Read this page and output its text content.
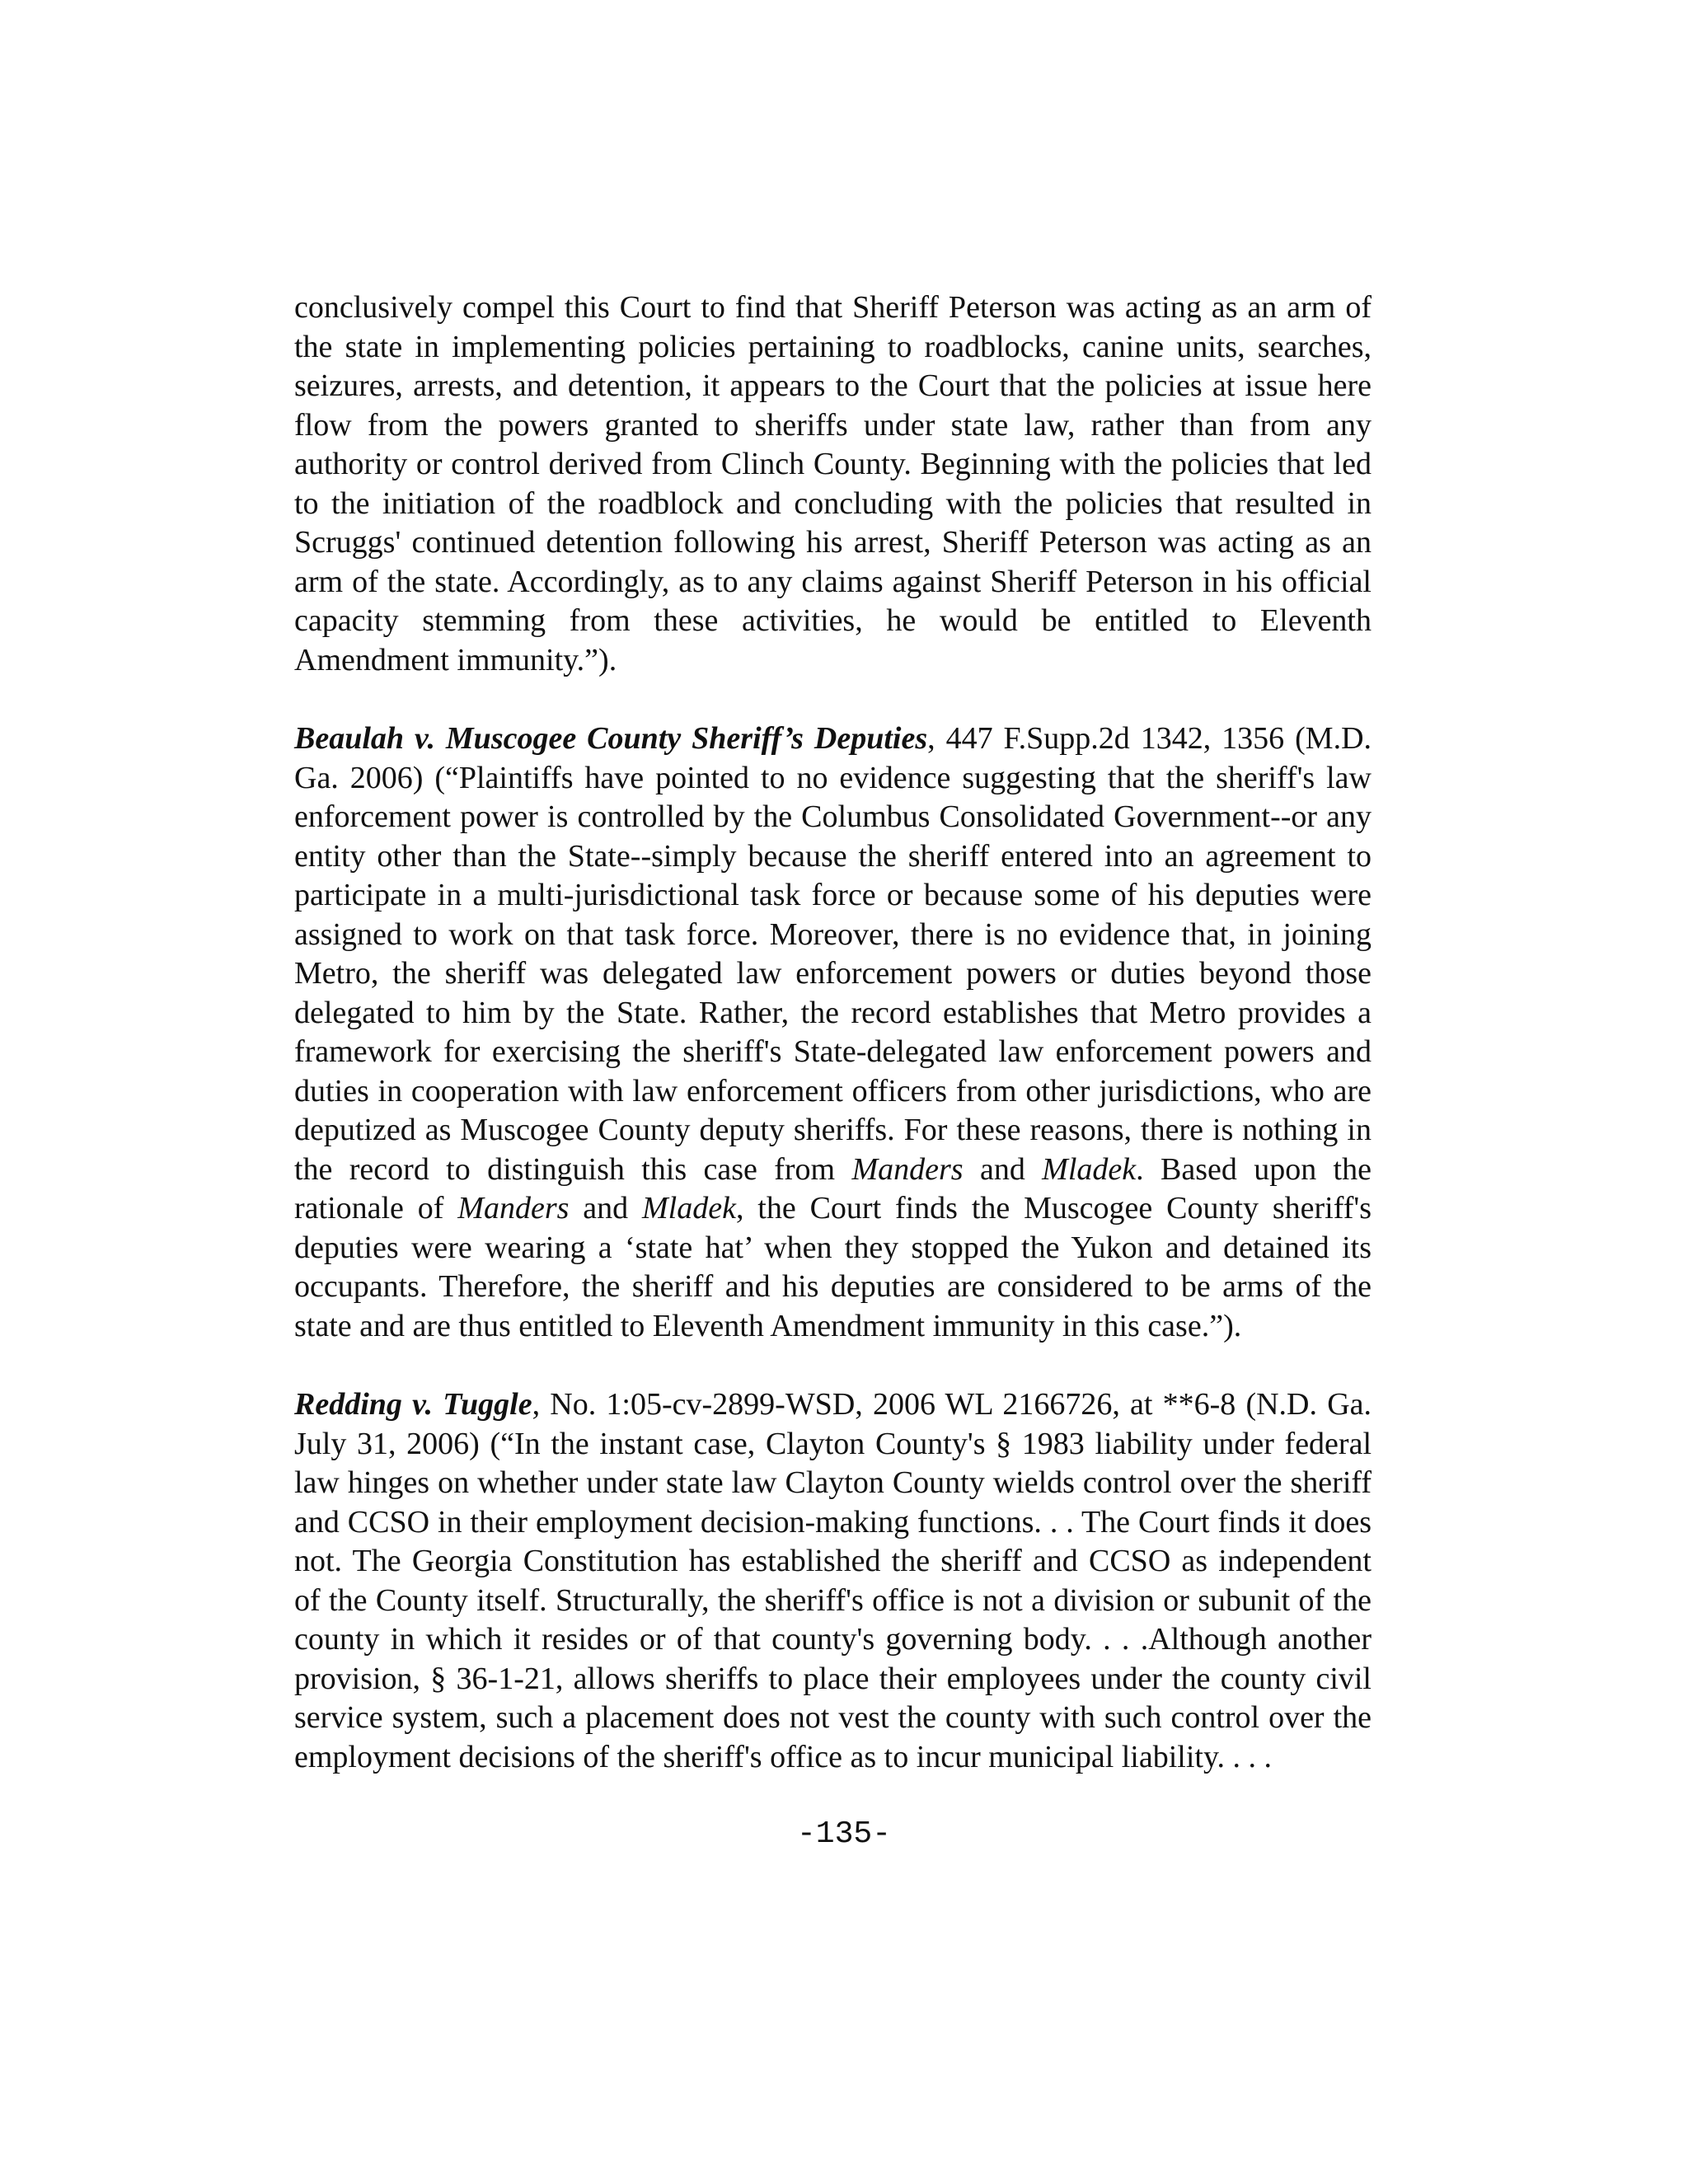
conclusively compel this Court to find that Sheriff Peterson was acting as an arm of the state in implementing policies pertaining to roadblocks, canine units, searches, seizures, arrests, and detention, it appears to the Court that the policies at issue here flow from the powers granted to sheriffs under state law, rather than from any authority or control derived from Clinch County. Beginning with the policies that led to the initiation of the roadblock and concluding with the policies that resulted in Scruggs' continued detention following his arrest, Sheriff Peterson was acting as an arm of the state. Accordingly, as to any claims against Sheriff Peterson in his official capacity stemming from these activities, he would be entitled to Eleventh Amendment immunity.”).

Beaulah v. Muscogee County Sheriff’s Deputies, 447 F.Supp.2d 1342, 1356 (M.D. Ga. 2006) (“Plaintiffs have pointed to no evidence suggesting that the sheriff's law enforcement power is controlled by the Columbus Consolidated Government--or any entity other than the State--simply because the sheriff entered into an agreement to participate in a multi-jurisdictional task force or because some of his deputies were assigned to work on that task force. Moreover, there is no evidence that, in joining Metro, the sheriff was delegated law enforcement powers or duties beyond those delegated to him by the State. Rather, the record establishes that Metro provides a framework for exercising the sheriff's State-delegated law enforcement powers and duties in cooperation with law enforcement officers from other jurisdictions, who are deputized as Muscogee County deputy sheriffs. For these reasons, there is nothing in the record to distinguish this case from Manders and Mladek. Based upon the rationale of Manders and Mladek, the Court finds the Muscogee County sheriff's deputies were wearing a ‘state hat’ when they stopped the Yukon and detained its occupants. Therefore, the sheriff and his deputies are considered to be arms of the state and are thus entitled to Eleventh Amendment immunity in this case.”).

Redding v. Tuggle, No. 1:05-cv-2899-WSD, 2006 WL 2166726, at **6-8 (N.D. Ga. July 31, 2006) (“In the instant case, Clayton County's § 1983 liability under federal law hinges on whether under state law Clayton County wields control over the sheriff and CCSO in their employment decision-making functions. . . The Court finds it does not. The Georgia Constitution has established the sheriff and CCSO as independent of the County itself. Structurally, the sheriff's office is not a division or subunit of the county in which it resides or of that county's governing body. . . .Although another provision, § 36-1-21, allows sheriffs to place their employees under the county civil service system, such a placement does not vest the county with such control over the employment decisions of the sheriff's office as to incur municipal liability. . . .

-135-
